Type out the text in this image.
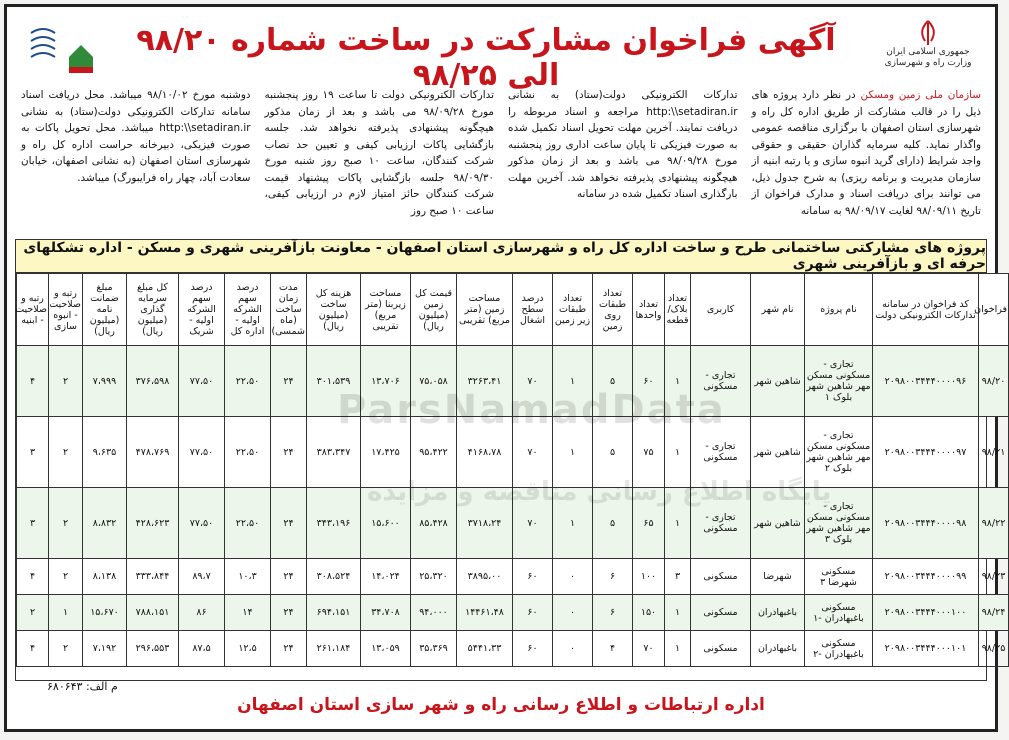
جمهوری اسلامی ایران
وزارت راه و شهرسازی
آگهی فراخوان مشارکت در ساخت شماره ۹۸/۲۰ الی ۹۸/۲۵
سازمان ملی زمین ومسکن در نظر دارد پروژه های ذیل را در قالب مشارکت از طریق اداره کل راه و شهرسازی استان اصفهان با برگزاری مناقصه عمومی واگذار نماید. کلیه سرمایه گذاران حقیقی و حقوقی واجد شرایط (دارای گرید انبوه سازی و یا رتبه ابنیه از سازمان مدیریت و برنامه ریزی) به شرح جدول ذیل، می توانند برای دریافت اسناد و مدارک فراخوان از تاریخ ۹۸/۰۹/۱۱ لغایت ۹۸/۰۹/۱۷ به سامانه
تدارکات الکترونیکی دولت(ستاد) به نشانی http:\\setadiran.ir مراجعه و اسناد مربوطه را دریافت نمایند. آخرین مهلت تحویل اسناد تکمیل شده به صورت فیزیکی تا پایان ساعت اداری روز پنجشنبه مورخ ۹۸/۰۹/۲۸ می باشد و بعد از زمان مذکور هیچگونه پیشنهادی پذیرفته نخواهد شد. آخرین مهلت بارگذاری اسناد تکمیل شده در سامانه
تدارکات الکترونیکی دولت تا ساعت ۱۹ روز پنجشنبه مورخ ۹۸/۰۹/۲۸ می باشد و بعد از زمان مذکور هیچگونه پیشنهادی پذیرفته نخواهد شد. جلسه بازگشایی پاکات ارزیابی کیفی و تعیین حد نصاب شرکت کنندگان، ساعت ۱۰ صبح روز شنبه مورخ ۹۸/۰۹/۳۰ جلسه بازگشایی پاکات پیشنهاد قیمت شرکت کنندگان حائز امتیاز لازم در ارزیابی کیفی، ساعت ۱۰ صبح روز
دوشنبه مورخ ۹۸/۱۰/۰۲ میباشد. محل دریافت اسناد سامانه تدارکات الکترونیکی دولت(ستاد) به نشانی http:\\setadiran.ir میباشد. محل تحویل پاکات به صورت فیزیکی، دبیرخانه حراست اداره کل راه و شهرسازی استان اصفهان (به نشانی اصفهان، خیابان سعادت آباد، چهار راه فرایبورگ) میباشد.
پروژه های مشارکتی ساختمانی طرح و ساخت اداره کل راه و شهرسازی استان اصفهان - معاونت بازآفرینی شهری و مسکن - اداره تشکلهای حرفه ای و بازآفرینی شهری
فراخوان	کد فراخوان در سامانه تدارکات الکترونیکی دولت	نام پروژه	نام شهر	کاربری	تعداد بلاک/قطعه	تعداد واحدها	تعداد طبقات روی زمین	تعداد طبقات زیر زمین	درصد سطح اشغال	مساحت زمین (متر مربع) تقریبی	قیمت کل زمین (میلیون ریال)	مساحت زیربنا (متر مربع) تقریبی	هزینه کل ساخت (میلیون ریال)	مدت زمان ساخت (ماه شمسی)	درصد سهم الشرکه اولیه - اداره کل	درصد سهم الشرکه اولیه - شریک	کل مبلغ سرمایه گذاری (میلیون ریال)	مبلغ ضمانت نامه (میلیون ریال)	رتبه و صلاحیت - انبوه سازی	رتبه و صلاحیت - ابنیه
۹۸/۲۰	۲۰۹۸۰۰۳۴۴۴۰۰۰۰۹۶	تجاری - مسکونی مسکن مهر شاهین شهر بلوک ۱	شاهین شهر	تجاری - مسکونی	۱	۶۰	۵	۱	۷۰	۳۲۶۳،۴۱	۷۵،۰۵۸	۱۳،۷۰۶	۳۰۱،۵۳۹	۲۴	۲۲،۵۰	۷۷،۵۰	۳۷۶،۵۹۸	۷،۹۹۹	۲	۴
۹۸/۲۱	۲۰۹۸۰۰۳۴۴۴۰۰۰۰۹۷	تجاری - مسکونی مسکن مهر شاهین شهر بلوک ۲	شاهین شهر	تجاری - مسکونی	۱	۷۵	۵	۱	۷۰	۴۱۶۸،۷۸	۹۵،۴۲۲	۱۷،۴۲۵	۳۸۳،۳۴۷	۲۴	۲۲،۵۰	۷۷،۵۰	۴۷۸،۷۶۹	۹،۶۳۵	۲	۳
۹۸/۲۲	۲۰۹۸۰۰۳۴۴۴۰۰۰۰۹۸	تجاری - مسکونی مسکن مهر شاهین شهر بلوک ۳	شاهین شهر	تجاری - مسکونی	۱	۶۵	۵	۱	۷۰	۳۷۱۸،۲۴	۸۵،۴۲۸	۱۵،۶۰۰	۳۴۳،۱۹۶	۲۴	۲۲،۵۰	۷۷،۵۰	۴۲۸،۶۲۳	۸،۸۳۲	۲	۳
۹۸/۲۳	۲۰۹۸۰۰۳۴۴۴۰۰۰۰۹۹	مسکونی شهرضا ۳	شهرضا	مسکونی	۳	۱۰۰	۶	۰	۶۰	۳۸۹۵،۰۰	۲۵،۳۲۰	۱۴،۰۲۴	۳۰۸،۵۲۴	۲۴	۱۰،۳	۸۹،۷	۳۳۳،۸۴۴	۸،۱۳۸	۲	۴
۹۸/۲۴	۲۰۹۸۰۰۳۴۴۴۰۰۰۱۰۰	مسکونی باغبهادران -۱	باغبهادران	مسکونی	۱	۱۵۰	۶	۰	۶۰	۱۴۴۶۱،۴۸	۹۴،۰۰۰	۳۴،۷۰۸	۶۹۴،۱۵۱	۲۴	۱۴	۸۶	۷۸۸،۱۵۱	۱۵،۶۷۰	۱	۲
۹۸/۲۵	۲۰۹۸۰۰۳۴۴۴۰۰۰۱۰۱	مسکونی باغبهادران -۲	باغبهادران	مسکونی	۱	۷۰	۴	۰	۶۰	۵۴۴۱،۳۳	۳۵،۳۶۹	۱۳،۰۵۹	۲۶۱،۱۸۴	۲۴	۱۲،۵	۸۷،۵	۲۹۶،۵۵۳	۷،۱۹۲	۲	۴
ParsNamadData
پایگاه اطلاع رسانی مناقصه و مزایده
م الف: ۶۸۰۶۴۳
اداره ارتباطات و اطلاع رسانی راه و شهر سازی استان اصفهان
